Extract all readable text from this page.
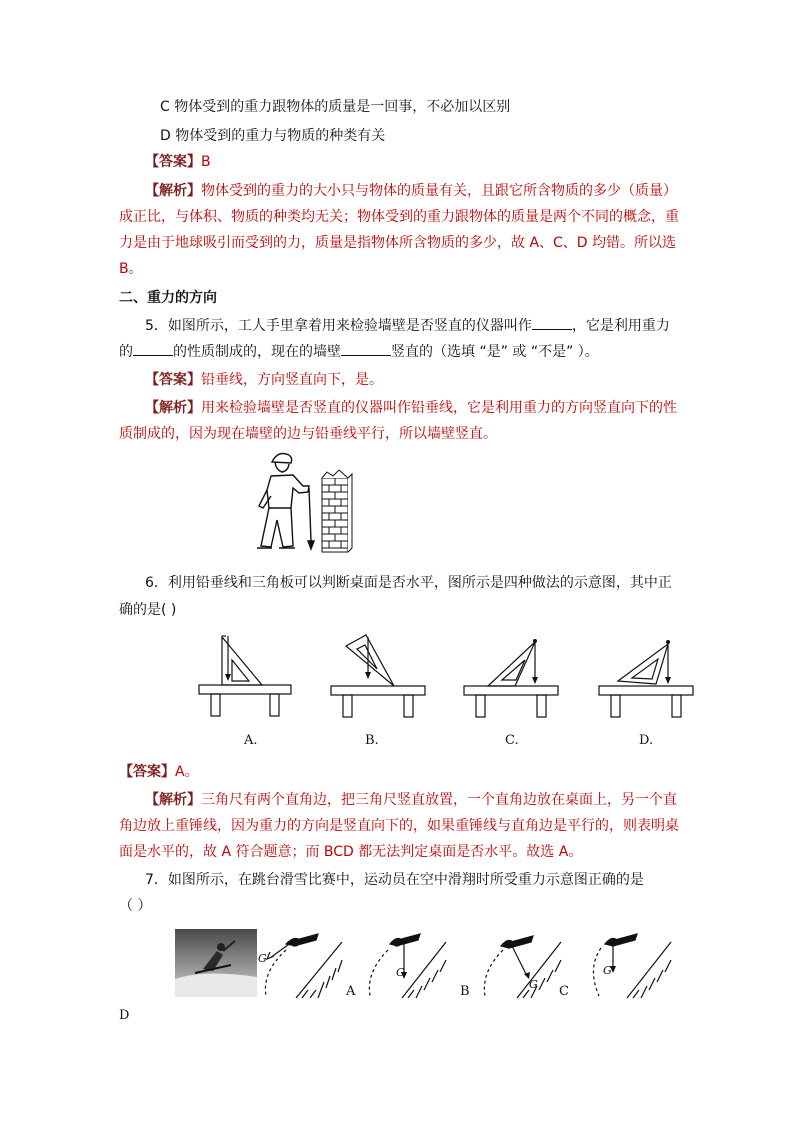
C 物体受到的重力跟物体的质量是一回事，不必加以区别
D 物体受到的重力与物质的种类有关
【答案】B
【解析】物体受到的重力的大小只与物体的质量有关，且跟它所含物质的多少（质量）
成正比，与体积、物质的种类均无关；物体受到的重力跟物体的质量是两个不同的概念，重
力是由于地球吸引而受到的力，质量是指物体所含物质的多少，故 A、C、D 均错。所以选
B。
二、重力的方向
5．如图所示，工人手里拿着用来检验墙壁是否竖直的仪器叫作	，它是利用重力
的	的性质制成的，现在的墙壁	竖直的（选填 “是” 或 “不是” ）。
【答案】铅垂线，方向竖直向下，是。
【解析】用来检验墙壁是否竖直的仪器叫作铅垂线，它是利用重力的方向竖直向下的性
质制成的，因为现在墙壁的边与铅垂线平行，所以墙壁竖直。
6．利用铅垂线和三角板可以判断桌面是否水平，图所示是四种做法的示意图，其中正
确的是( )
A.	B.	C.	D.
【答案】A。
【解析】三角尺有两个直角边，把三角尺竖直放置，一个直角边放在桌面上，另一个直
角边放上重锤线，因为重力的方向是竖直向下的，如果重锤线与直角边是平行的，则表明桌
面是水平的，故 A 符合题意；而 BCD 都无法判定桌面是否水平。故选 A。
7．如图所示，在跳台滑雪比赛中，运动员在空中滑翔时所受重力示意图正确的是
（ ）
G
G
G
G
A	B	C
D
